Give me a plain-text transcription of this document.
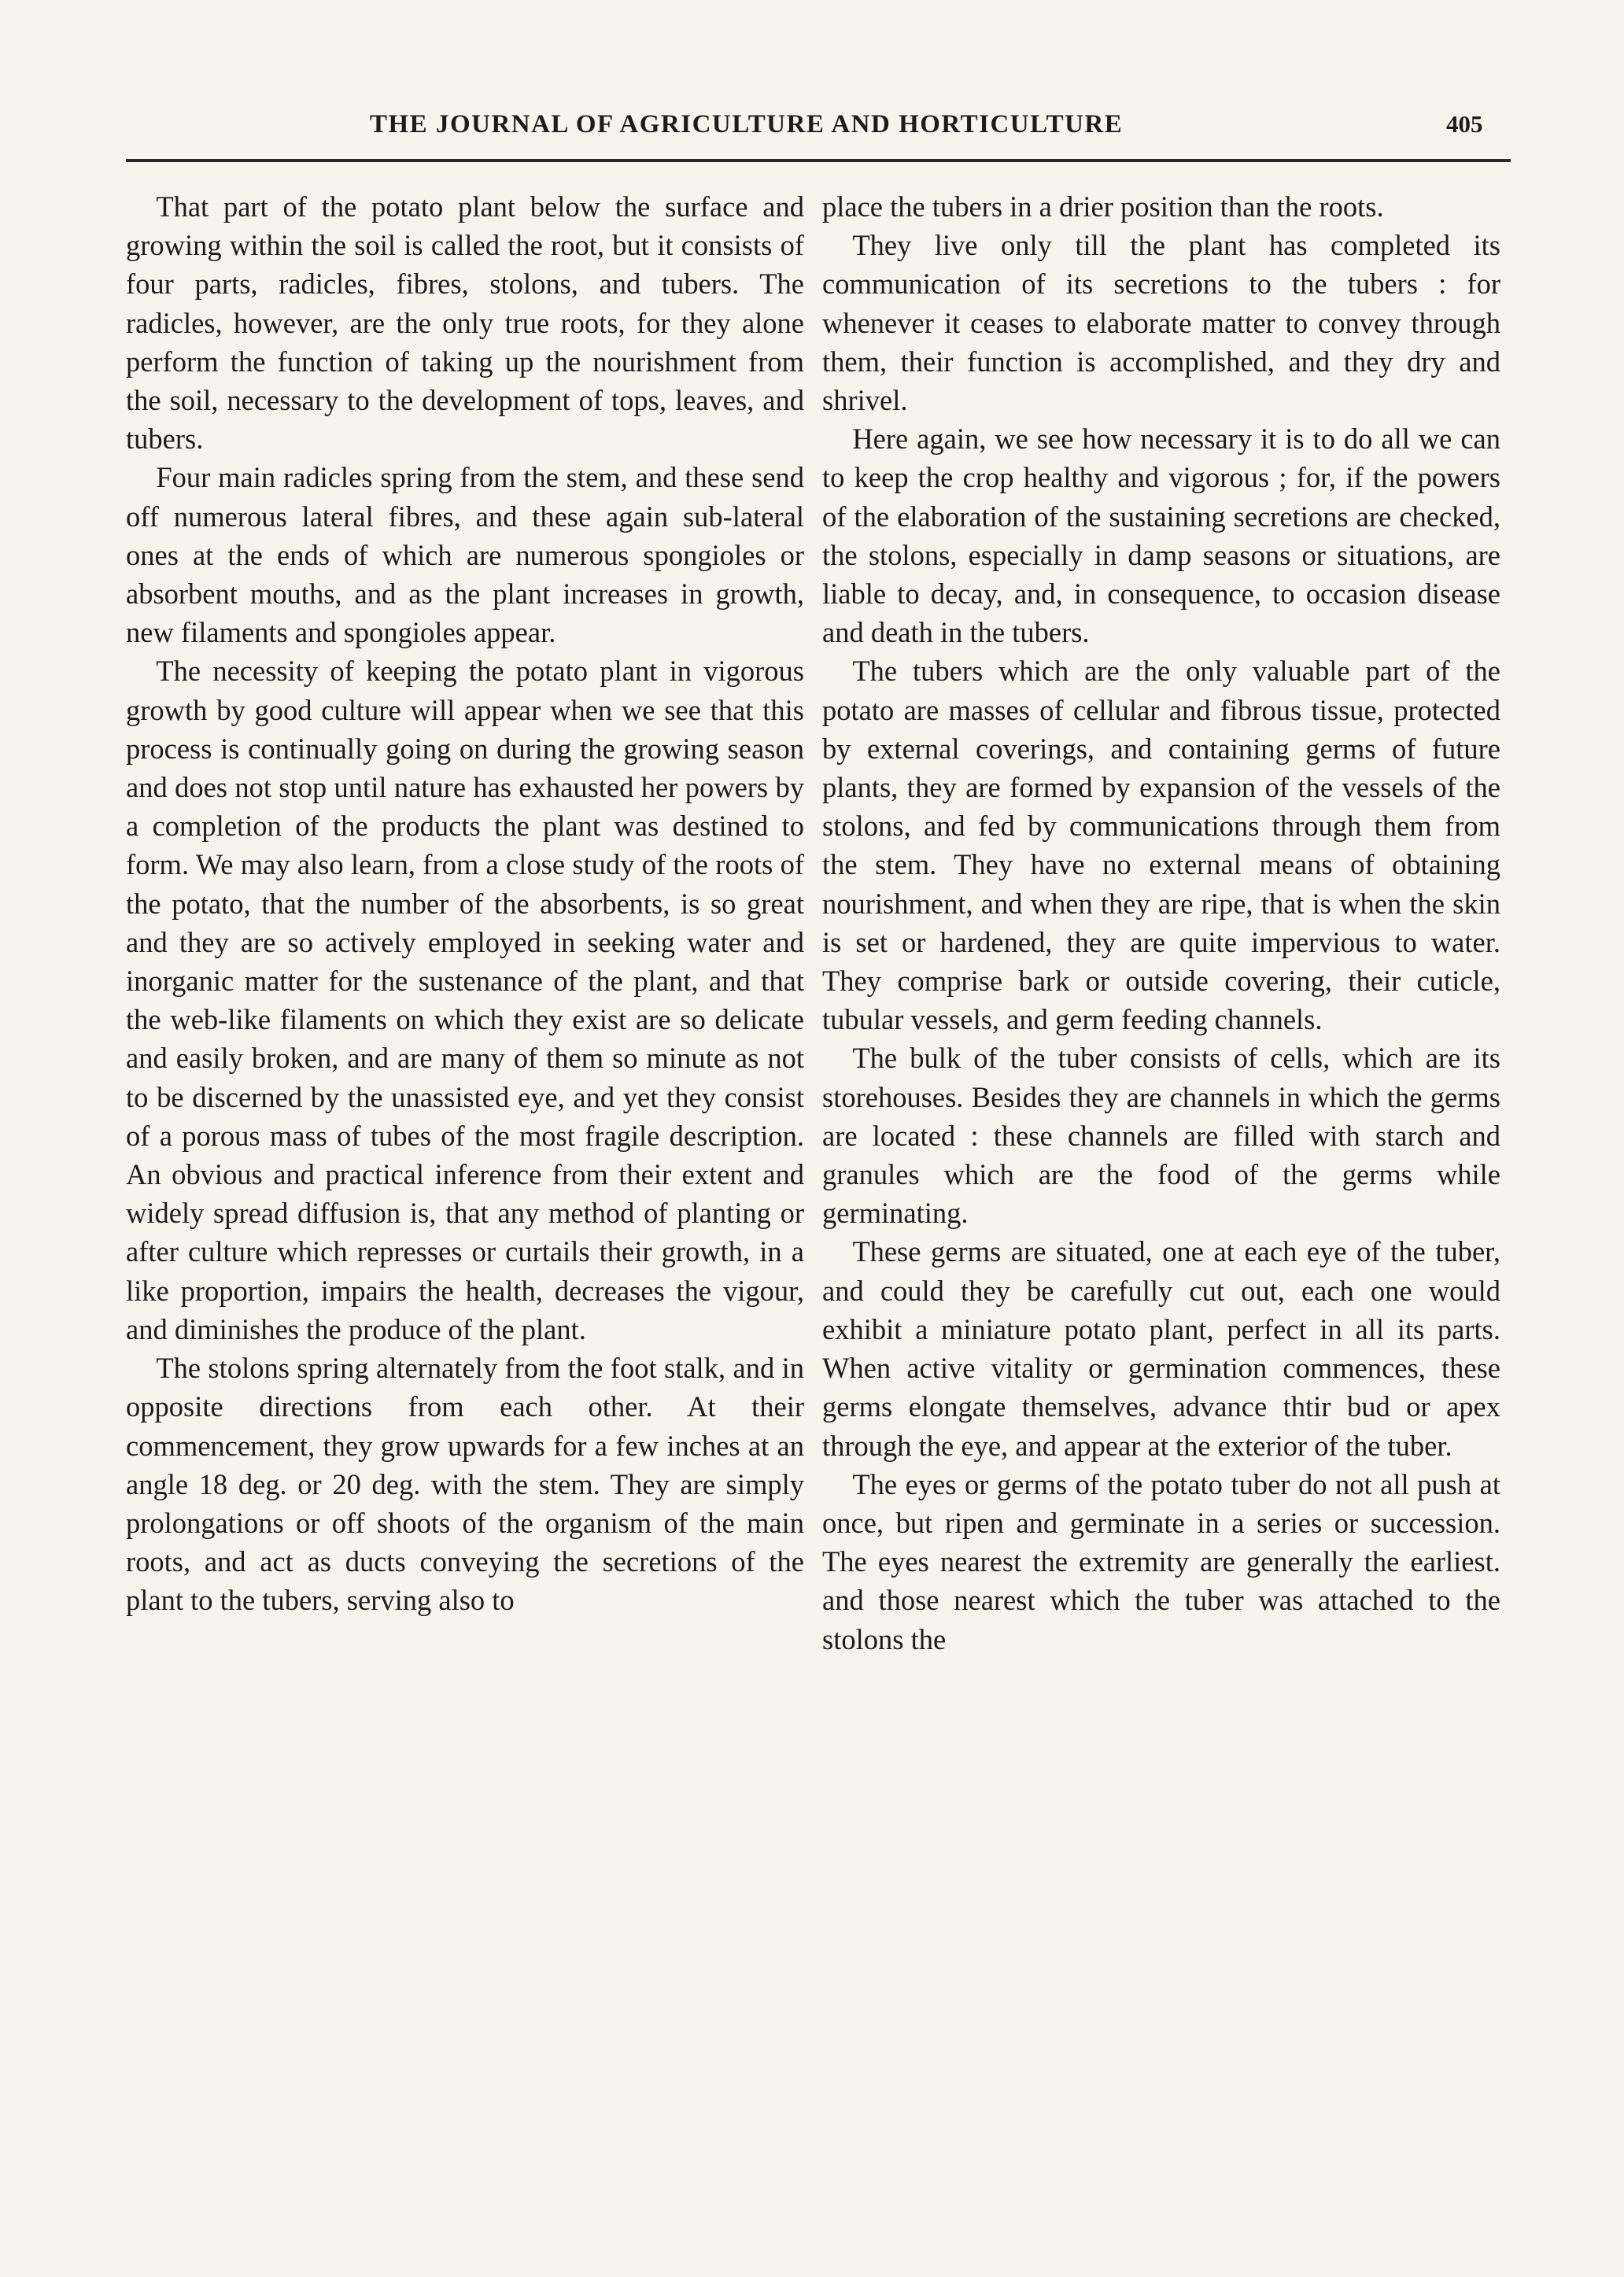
THE JOURNAL OF AGRICULTURE AND HORTICULTURE	405

That part of the potato plant below the surface and growing within the soil is called the root, but it consists of four parts, radicles, fibres, stolons, and tubers. The radicles, however, are the only true roots, for they alone perform the function of taking up the nourishment from the soil, necessary to the development of tops, leaves, and tubers.

Four main radicles spring from the stem, and these send off numerous lateral fibres, and these again sub-lateral ones at the ends of which are numerous spongioles or absorbent mouths, and as the plant increases in growth, new filaments and spongioles appear.

The necessity of keeping the potato plant in vigorous growth by good culture will appear when we see that this process is continually going on during the growing season and does not stop until nature has exhausted her powers by a completion of the products the plant was destined to form. We may also learn, from a close study of the roots of the potato, that the number of the absorbents, is so great and they are so actively employed in seeking water and inorganic matter for the sustenance of the plant, and that the web-like filaments on which they exist are so delicate and easily broken, and are many of them so minute as not to be discerned by the unassisted eye, and yet they consist of a porous mass of tubes of the most fragile description. An obvious and practical inference from their extent and widely spread diffusion is, that any method of planting or after culture which represses or curtails their growth, in a like proportion, impairs the health, decreases the vigour, and diminishes the produce of the plant.

The stolons spring alternately from the foot stalk, and in opposite directions from each other. At their commencement, they grow upwards for a few inches at an angle 18 deg. or 20 deg. with the stem. They are simply prolongations or off shoots of the organism of the main roots, and act as ducts conveying the secretions of the plant to the tubers, serving also to

place the tubers in a drier position than the roots.

They live only till the plant has completed its communication of its secretions to the tubers : for whenever it ceases to elaborate matter to convey through them, their function is accomplished, and they dry and shrivel.

Here again, we see how necessary it is to do all we can to keep the crop healthy and vigorous ; for, if the powers of the elaboration of the sustaining secretions are checked, the stolons, especially in damp seasons or situations, are liable to decay, and, in consequence, to occasion disease and death in the tubers.

The tubers which are the only valuable part of the potato are masses of cellular and fibrous tissue, protected by external coverings, and containing germs of future plants, they are formed by expansion of the vessels of the stolons, and fed by communications through them from the stem. They have no external means of obtaining nourishment, and when they are ripe, that is when the skin is set or hardened, they are quite impervious to water. They comprise bark or outside covering, their cuticle, tubular vessels, and germ feeding channels.

The bulk of the tuber consists of cells, which are its storehouses. Besides they are channels in which the germs are located : these channels are filled with starch and granules which are the food of the germs while germinating.

These germs are situated, one at each eye of the tuber, and could they be carefully cut out, each one would exhibit a miniature potato plant, perfect in all its parts. When active vitality or germination commences, these germs elongate themselves, advance thtir bud or apex through the eye, and appear at the exterior of the tuber.

The eyes or germs of the potato tuber do not all push at once, but ripen and germinate in a series or succession. The eyes nearest the extremity are generally the earliest. and those nearest which the tuber was attached to the stolons the
